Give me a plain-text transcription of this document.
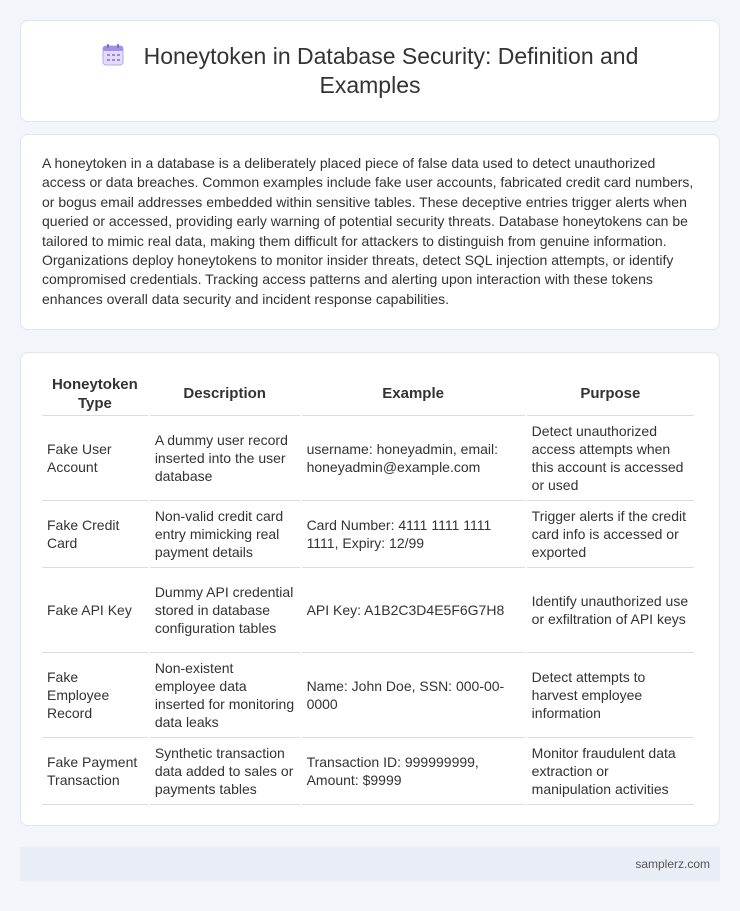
Honeytoken in Database Security: Definition and Examples

A honeytoken in a database is a deliberately placed piece of false data used to detect unauthorized access or data breaches. Common examples include fake user accounts, fabricated credit card numbers, or bogus email addresses embedded within sensitive tables. These deceptive entries trigger alerts when queried or accessed, providing early warning of potential security threats. Database honeytokens can be tailored to mimic real data, making them difficult for attackers to distinguish from genuine information. Organizations deploy honeytokens to monitor insider threats, detect SQL injection attempts, or identify compromised credentials. Tracking access patterns and alerting upon interaction with these tokens enhances overall data security and incident response capabilities.

Honeytoken Type	Description	Example	Purpose
Fake User Account	A dummy user record inserted into the user database	username: honeyadmin, email: honeyadmin@example.com	Detect unauthorized access attempts when this account is accessed or used
Fake Credit Card	Non-valid credit card entry mimicking real payment details	Card Number: 4111 1111 1111 1111, Expiry: 12/99	Trigger alerts if the credit card info is accessed or exported
Fake API Key	Dummy API credential stored in database configuration tables	API Key: A1B2C3D4E5F6G7H8	Identify unauthorized use or exfiltration of API keys
Fake Employee Record	Non-existent employee data inserted for monitoring data leaks	Name: John Doe, SSN: 000-00-0000	Detect attempts to harvest employee information
Fake Payment Transaction	Synthetic transaction data added to sales or payments tables	Transaction ID: 999999999, Amount: $9999	Monitor fraudulent data extraction or manipulation activities
samplerz.com
